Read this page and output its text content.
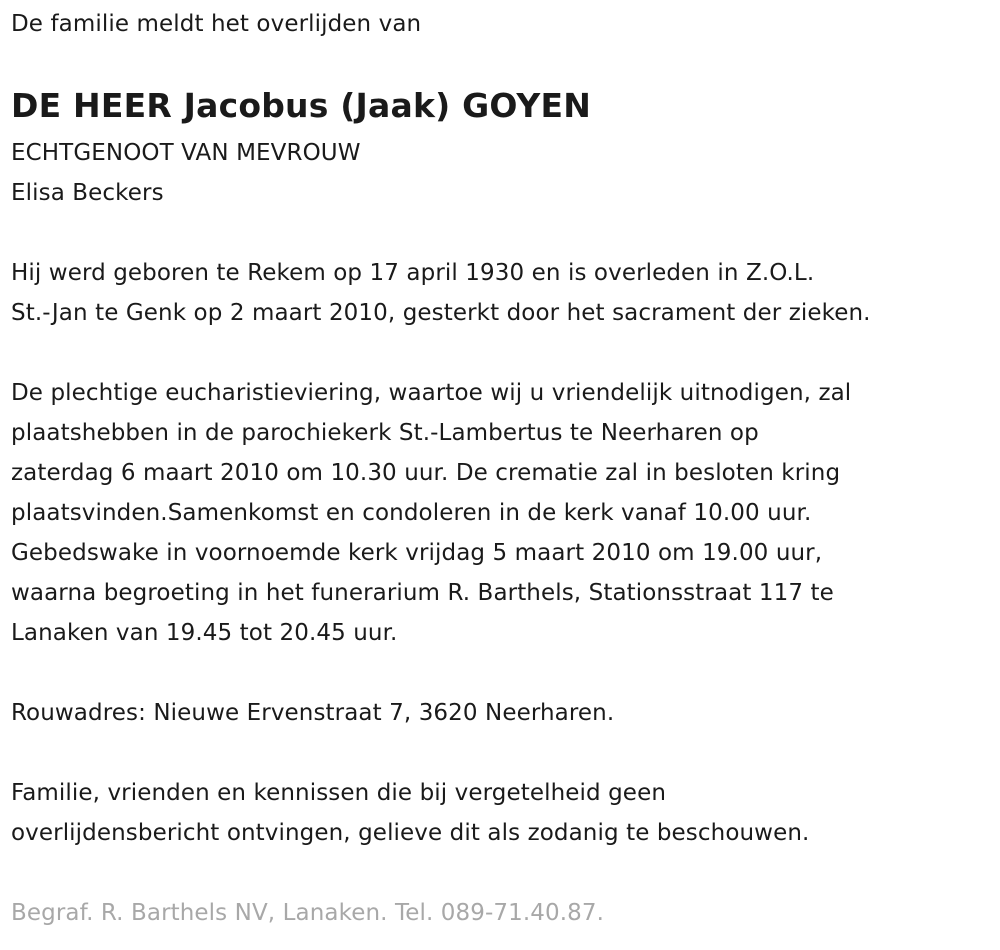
De familie meldt het overlijden van
DE HEER Jacobus (Jaak) GOYEN
ECHTGENOOT VAN MEVROUW
Elisa Beckers
Hij werd geboren te Rekem op 17 april 1930 en is overleden in Z.O.L.
St.-Jan te Genk op 2 maart 2010, gesterkt door het sacrament der zieken.
De plechtige eucharistieviering, waartoe wij u vriendelijk uitnodigen, zal
plaatshebben in de parochiekerk St.-Lambertus te Neerharen op
zaterdag 6 maart 2010 om 10.30 uur. De crematie zal in besloten kring
plaatsvinden.Samenkomst en condoleren in de kerk vanaf 10.00 uur.
Gebedswake in voornoemde kerk vrijdag 5 maart 2010 om 19.00 uur,
waarna begroeting in het funerarium R. Barthels, Stationsstraat 117 te
Lanaken van 19.45 tot 20.45 uur.
Rouwadres: Nieuwe Ervenstraat 7, 3620 Neerharen.
Familie, vrienden en kennissen die bij vergetelheid geen
overlijdensbericht ontvingen, gelieve dit als zodanig te beschouwen.
Begraf. R. Barthels NV, Lanaken. Tel. 089-71.40.87.
